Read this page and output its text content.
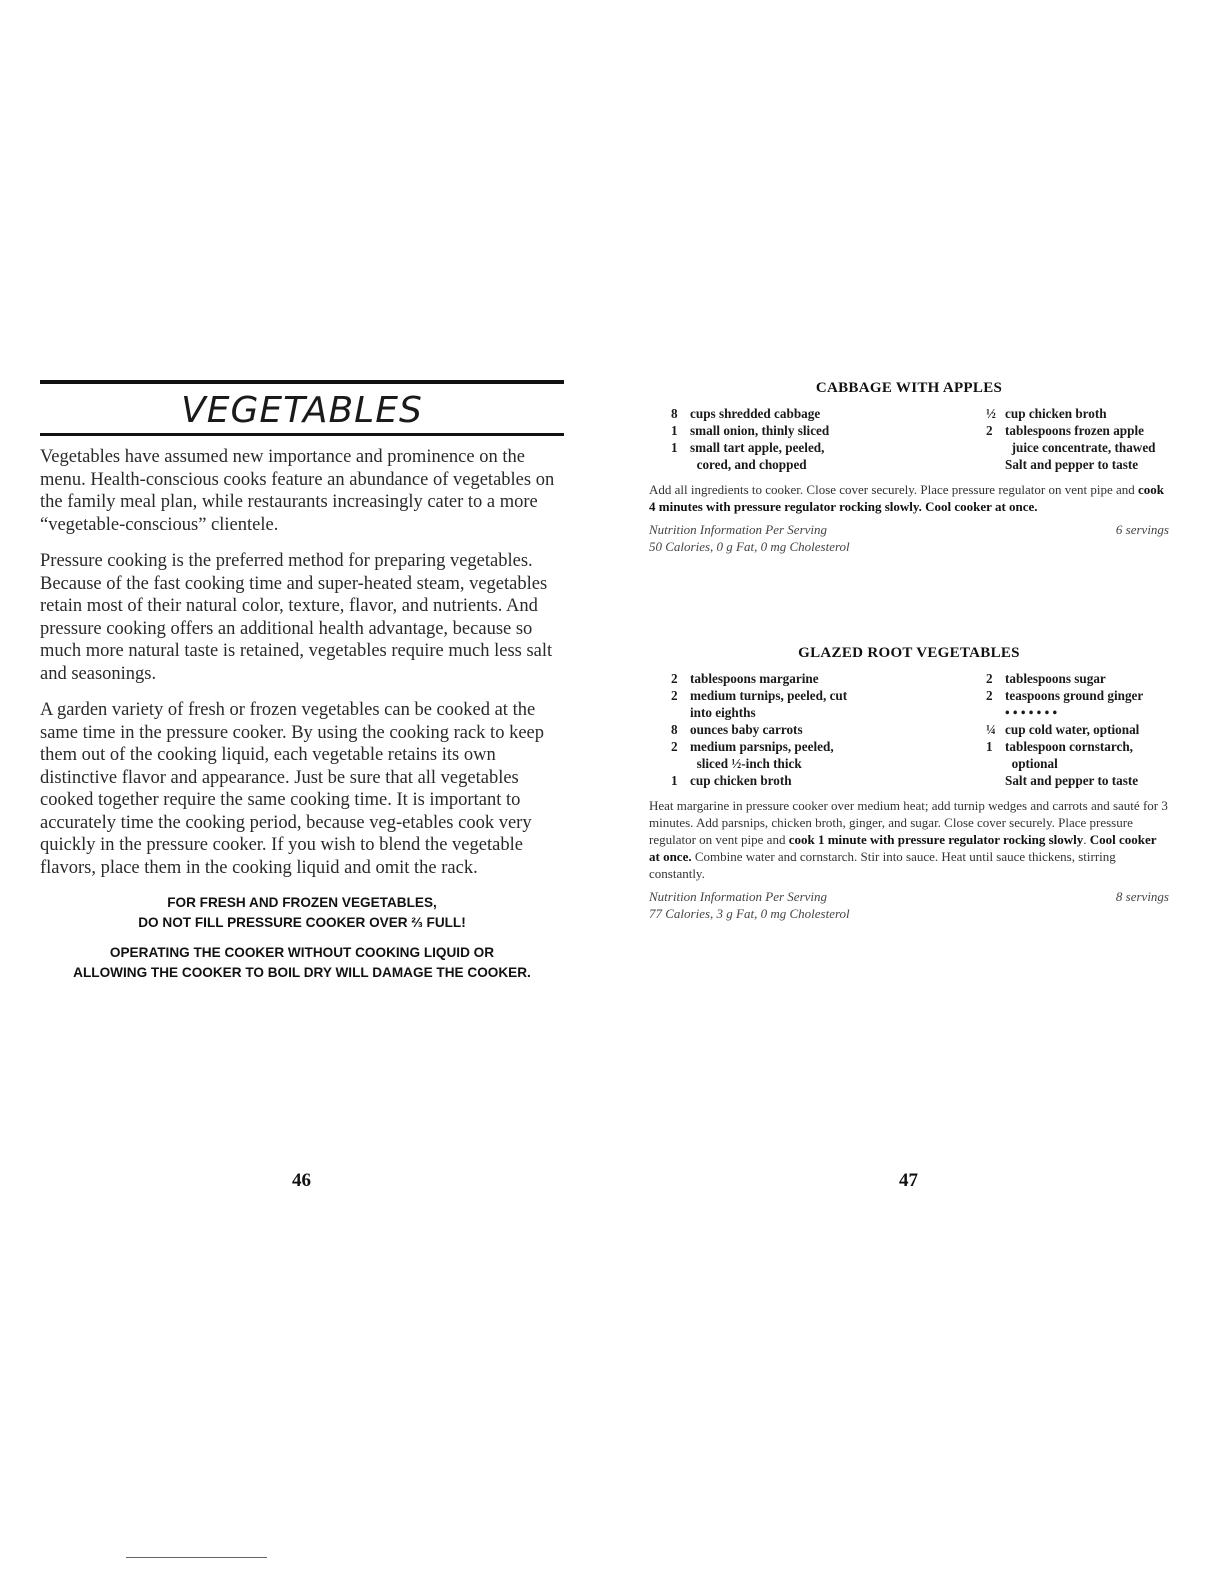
VEGETABLES

Vegetables have assumed new importance and prominence on the menu. Health-conscious cooks feature an abundance of vegetables on the family meal plan, while restaurants increasingly cater to a more “vegetable-conscious” clientele.

Pressure cooking is the preferred method for preparing vegetables. Because of the fast cooking time and super-heated steam, vegetables retain most of their natural color, texture, flavor, and nutrients. And pressure cooking offers an additional health advantage, because so much more natural taste is retained, vegetables require much less salt and seasonings.

A garden variety of fresh or frozen vegetables can be cooked at the same time in the pressure cooker. By using the cooking rack to keep them out of the cooking liquid, each vegetable retains its own distinctive flavor and appearance. Just be sure that all vegetables cooked together require the same cooking time. It is important to accurately time the cooking period, because veg-etables cook very quickly in the pressure cooker. If you wish to blend the vegetable flavors, place them in the cooking liquid and omit the rack.

FOR FRESH AND FROZEN VEGETABLES,
DO NOT FILL PRESSURE COOKER OVER ⅔ FULL!
OPERATING THE COOKER WITHOUT COOKING LIQUID OR
ALLOWING THE COOKER TO BOIL DRY WILL DAMAGE THE COOKER.
46
CABBAGE WITH APPLES
8 cups shredded cabbage
1 small onion, thinly sliced
1 small tart apple, peeled,
cored, and chopped
½ cup chicken broth
2 tablespoons frozen apple
juice concentrate, thawed
Salt and pepper to taste

Add all ingredients to cooker. Close cover securely. Place pressure regulator on vent pipe and cook 4 minutes with pressure regulator rocking slowly. Cool cooker at once.

Nutrition Information Per Serving	6 servings
50 Calories, 0 g Fat, 0 mg Cholesterol
GLAZED ROOT VEGETABLES
2 tablespoons margarine
2 medium turnips, peeled, cut
into eighths
8 ounces baby carrots
2 medium parsnips, peeled,
sliced ½-inch thick
1 cup chicken broth
2 tablespoons sugar
2 teaspoons ground ginger
• • • • • • •
¼ cup cold water, optional
1 tablespoon cornstarch,
optional
Salt and pepper to taste

Heat margarine in pressure cooker over medium heat; add turnip wedges and carrots and sauté for 3 minutes. Add parsnips, chicken broth, ginger, and sugar. Close cover securely. Place pressure regulator on vent pipe and cook 1 minute with pressure regulator rocking slowly. Cool cooker at once. Combine water and cornstarch. Stir into sauce. Heat until sauce thickens, stirring constantly.

Nutrition Information Per Serving	8 servings
77 Calories, 3 g Fat, 0 mg Cholesterol
47
